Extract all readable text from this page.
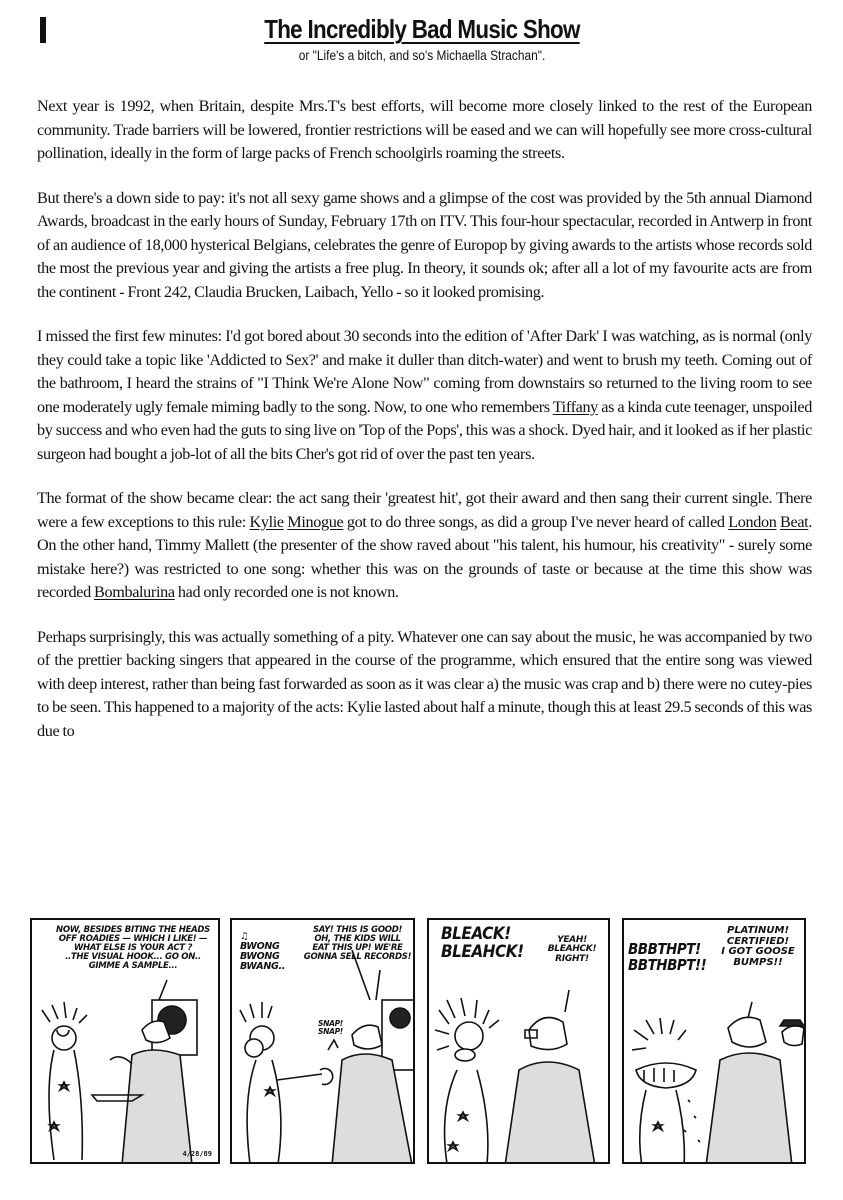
The Incredibly Bad Music Show
or "Life's a bitch, and so's Michaella Strachan".

Next year is 1992, when Britain, despite Mrs.T's best efforts, will become more closely linked to the rest of the European community. Trade barriers will be lowered, frontier restrictions will be eased and we can will hopefully see more cross-cultural pollination, ideally in the form of large packs of French schoolgirls roaming the streets.

But there's a down side to pay: it's not all sexy game shows and a glimpse of the cost was provided by the 5th annual Diamond Awards, broadcast in the early hours of Sunday, February 17th on ITV. This four-hour spectacular, recorded in Antwerp in front of an audience of 18,000 hysterical Belgians, celebrates the genre of Europop by giving awards to the artists whose records sold the most the previous year and giving the artists a free plug. In theory, it sounds ok; after all a lot of my favourite acts are from the continent - Front 242, Claudia Brucken, Laibach, Yello - so it looked promising.

I missed the first few minutes: I'd got bored about 30 seconds into the edition of 'After Dark' I was watching, as is normal (only they could take a topic like 'Addicted to Sex?' and make it duller than ditch-water) and went to brush my teeth. Coming out of the bathroom, I heard the strains of "I Think We're Alone Now" coming from downstairs so returned to the living room to see one moderately ugly female miming badly to the song. Now, to one who remembers Tiffany as a kinda cute teenager, unspoiled by success and who even had the guts to sing live on 'Top of the Pops', this was a shock. Dyed hair, and it looked as if her plastic surgeon had bought a job-lot of all the bits Cher's got rid of over the past ten years.

The format of the show became clear: the act sang their 'greatest hit', got their award and then sang their current single. There were a few exceptions to this rule: Kylie Minogue got to do three songs, as did a group I've never heard of called London Beat. On the other hand, Timmy Mallett (the presenter of the show raved about "his talent, his humour, his creativity" - surely some mistake here?) was restricted to one song: whether this was on the grounds of taste or because at the time this show was recorded Bombalurina had only recorded one is not known.

Perhaps surprisingly, this was actually something of a pity. Whatever one can say about the music, he was accompanied by two of the prettier backing singers that appeared in the course of the programme, which ensured that the entire song was viewed with deep interest, rather than being fast forwarded as soon as it was clear a) the music was crap and b) there were no cutey-pies to be seen. This happened to a majority of the acts: Kylie lasted about half a minute, though this at least 29.5 seconds of this was due to

NOW, BESIDES BITING THE HEADS
OFF ROADIES — WHICH I LIKE! —
WHAT ELSE IS YOUR ACT ?
..THE VISUAL HOOK... GO ON..
GIMME A SAMPLE...
4/28/89
♫
BWONG
BWONG
BWANG..
SAY! THIS IS GOOD!
OH, THE KIDS WILL
EAT THIS UP! WE'RE
GONNA SELL RECORDS!
SNAP!
SNAP!
BLEACK!
BLEAHCK!
YEAH!
BLEAHCK!
RIGHT!
BBBTHPT!
BBTHBPT!!
PLATINUM!
CERTIFIED!
I GOT GOOSE
BUMPS!!
